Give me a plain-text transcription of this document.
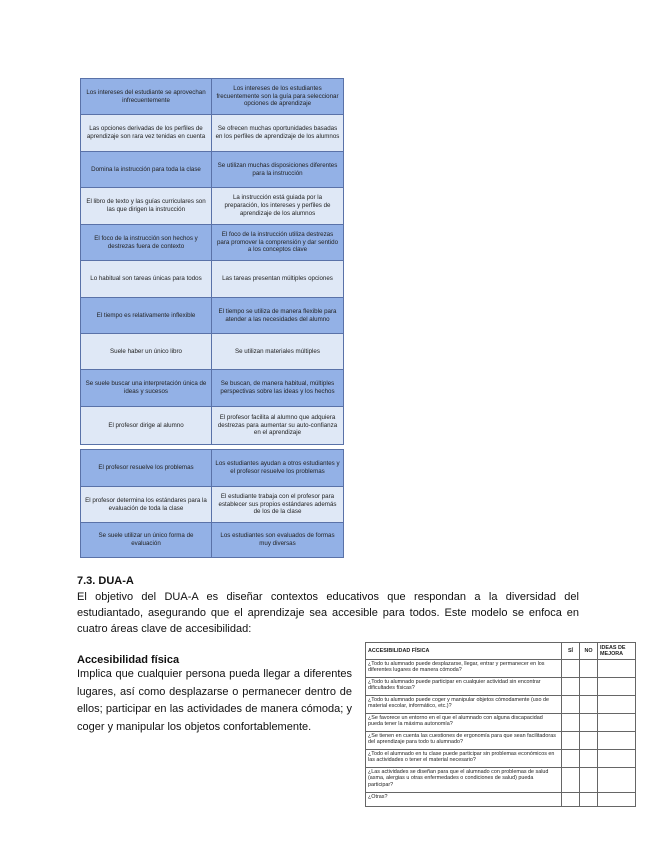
Los intereses del estudiante se aprovechan infrecuentemente	Los intereses de los estudiantes frecuentemente son la guía para seleccionar opciones de aprendizaje
Las opciones derivadas de los perfiles de aprendizaje son rara vez tenidas en cuenta	Se ofrecen muchas oportunidades basadas en los perfiles de aprendizaje de los alumnos
Domina la instrucción para toda la clase	Se utilizan muchas disposiciones diferentes para la instrucción
El libro de texto y las guías curriculares son las que dirigen la instrucción	La instrucción está guiada por la preparación, los intereses y perfiles de aprendizaje de los alumnos
El foco de la instrucción son hechos y destrezas fuera de contexto	El foco de la instrucción utiliza destrezas para promover la comprensión y dar sentido a los conceptos clave
Lo habitual son tareas únicas para todos	Las tareas presentan múltiples opciones
El tiempo es relativamente inflexible	El tiempo se utiliza de manera flexible para atender a las necesidades del alumno
Suele haber un único libro	Se utilizan materiales múltiples
Se suele buscar una interpretación única de ideas y sucesos	Se buscan, de manera habitual, múltiples perspectivas sobre las ideas y los hechos
El profesor dirige al alumno	El profesor facilita al alumno que adquiera destrezas para aumentar su auto-confianza en el aprendizaje
El profesor resuelve los problemas	Los estudiantes ayudan a otros estudiantes y el profesor resuelve los problemas
El profesor determina los estándares para la evaluación de toda la clase	El estudiante trabaja con el profesor para establecer sus propios estándares además de los de la clase
Se suele utilizar un único forma de evaluación	Los estudiantes son evaluados de formas muy diversas
7.3. DUA-A

El objetivo del DUA-A es diseñar contextos educativos que respondan a la diversidad del estudiantado, asegurando que el aprendizaje sea accesible para todos. Este modelo se enfoca en cuatro áreas clave de accesibilidad:

Accesibilidad física

Implica que cualquier persona pueda llegar a diferentes lugares, así como desplazarse o permanecer dentro de ellos; participar en las actividades de manera cómoda; y coger y manipular los objetos confortablemente.

ACCESIBILIDAD FÍSICA	SÍ	NO	IDEAS DE MEJORA
¿Todo tu alumnado puede desplazarse, llegar, entrar y permanecer en los diferentes lugares de manera cómoda?			
¿Todo tu alumnado puede participar en cualquier actividad sin encontrar dificultades físicas?			
¿Todo tu alumnado puede coger y manipular objetos cómodamente (uso de material escolar, informático, etc.)?			
¿Se favorece un entorno en el que el alumnado con alguna discapacidad pueda tener la máxima autonomía?			
¿Se tienen en cuenta las cuestiones de ergonomía para que sean facilitadoras del aprendizaje para todo tu alumnado?			
¿Todo el alumnado en tu clase puede participar sin problemas económicos en las actividades o tener el material necesario?			
¿Las actividades se diseñan para que el alumnado con problemas de salud (asma, alergias u otras enfermedades o condiciones de salud) pueda participar?			
¿Otras?			
